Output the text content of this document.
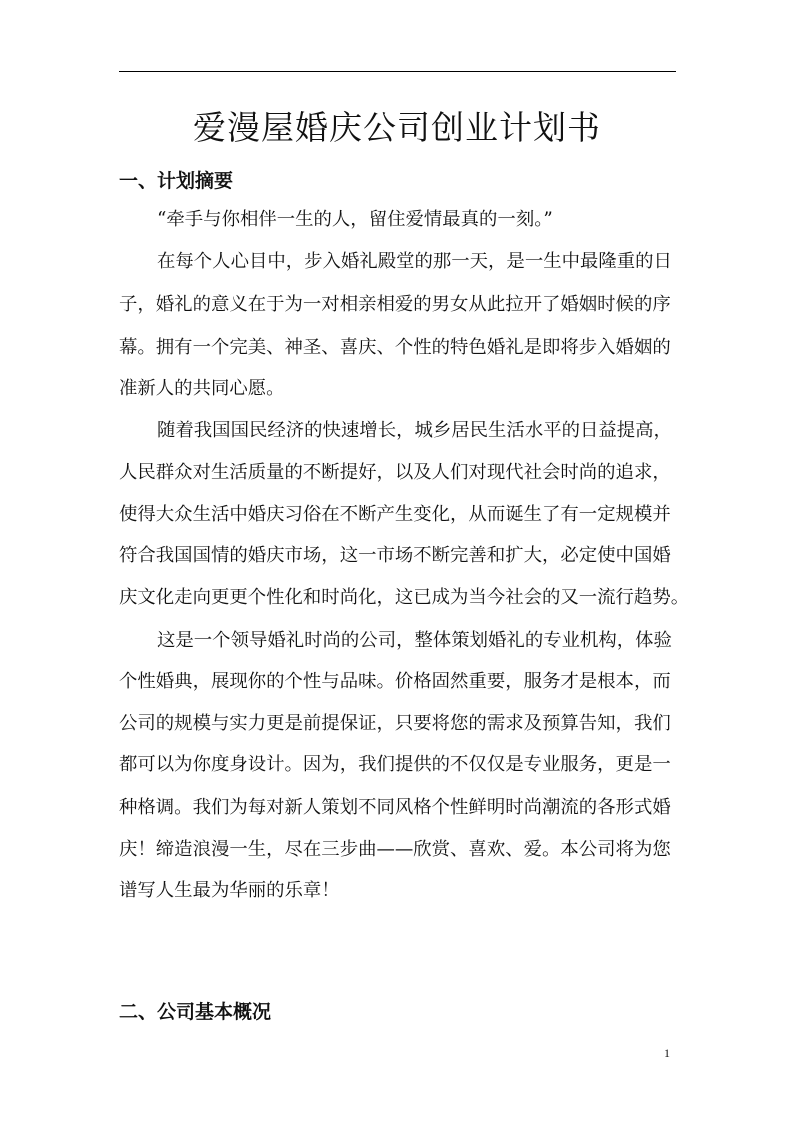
爱漫屋婚庆公司创业计划书
一、计划摘要
“牵手与你相伴一生的人，留住爱情最真的一刻。”
在每个人心目中，步入婚礼殿堂的那一天，是一生中最隆重的日
子，婚礼的意义在于为一对相亲相爱的男女从此拉开了婚姻时候的序
幕。拥有一个完美、神圣、喜庆、个性的特色婚礼是即将步入婚姻的
准新人的共同心愿。
随着我国国民经济的快速增长，城乡居民生活水平的日益提高，
人民群众对生活质量的不断提好，以及人们对现代社会时尚的追求，
使得大众生活中婚庆习俗在不断产生变化，从而诞生了有一定规模并
符合我国国情的婚庆市场，这一市场不断完善和扩大，必定使中国婚
庆文化走向更更个性化和时尚化，这已成为当今社会的又一流行趋势。
这是一个领导婚礼时尚的公司，整体策划婚礼的专业机构，体验
个性婚典，展现你的个性与品味。价格固然重要，服务才是根本，而
公司的规模与实力更是前提保证，只要将您的需求及预算告知，我们
都可以为你度身设计。因为，我们提供的不仅仅是专业服务，更是一
种格调。我们为每对新人策划不同风格个性鲜明时尚潮流的各形式婚
庆！缔造浪漫一生，尽在三步曲——欣赏、喜欢、爱。本公司将为您
谱写人生最为华丽的乐章！
二、公司基本概况
1
